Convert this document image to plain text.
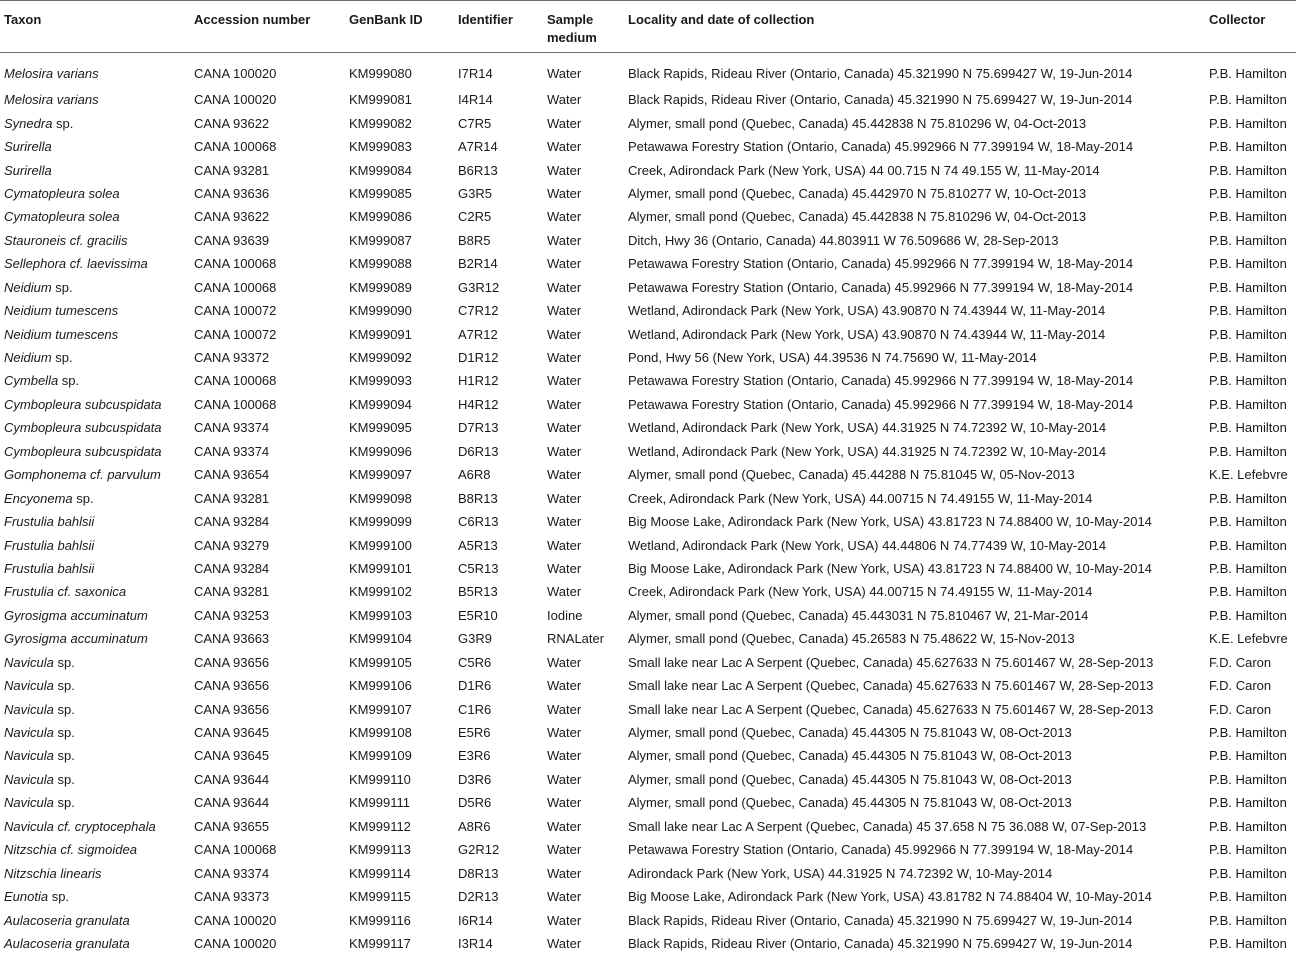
Taxon	Accession number	GenBank ID	Identifier	Sample medium	Locality and date of collection	Collector
Melosira varians	CANA 100020	KM999080	I7R14	Water	Black Rapids, Rideau River (Ontario, Canada) 45.321990 N 75.699427 W, 19-Jun-2014	P.B. Hamilton
Melosira varians	CANA 100020	KM999081	I4R14	Water	Black Rapids, Rideau River (Ontario, Canada) 45.321990 N 75.699427 W, 19-Jun-2014	P.B. Hamilton
Synedra sp.	CANA 93622	KM999082	C7R5	Water	Alymer, small pond (Quebec, Canada) 45.442838 N 75.810296 W, 04-Oct-2013	P.B. Hamilton
Surirella	CANA 100068	KM999083	A7R14	Water	Petawawa Forestry Station (Ontario, Canada) 45.992966 N 77.399194 W, 18-May-2014	P.B. Hamilton
Surirella	CANA 93281	KM999084	B6R13	Water	Creek, Adirondack Park (New York, USA) 44 00.715 N 74 49.155 W, 11-May-2014	P.B. Hamilton
Cymatopleura solea	CANA 93636	KM999085	G3R5	Water	Alymer, small pond (Quebec, Canada) 45.442970 N 75.810277 W, 10-Oct-2013	P.B. Hamilton
Cymatopleura solea	CANA 93622	KM999086	C2R5	Water	Alymer, small pond (Quebec, Canada) 45.442838 N 75.810296 W, 04-Oct-2013	P.B. Hamilton
Stauroneis cf. gracilis	CANA 93639	KM999087	B8R5	Water	Ditch, Hwy 36 (Ontario, Canada) 44.803911 W 76.509686 W, 28-Sep-2013	P.B. Hamilton
Sellephora cf. laevissima	CANA 100068	KM999088	B2R14	Water	Petawawa Forestry Station (Ontario, Canada) 45.992966 N 77.399194 W, 18-May-2014	P.B. Hamilton
Neidium sp.	CANA 100068	KM999089	G3R12	Water	Petawawa Forestry Station (Ontario, Canada) 45.992966 N 77.399194 W, 18-May-2014	P.B. Hamilton
Neidium tumescens	CANA 100072	KM999090	C7R12	Water	Wetland, Adirondack Park (New York, USA) 43.90870 N 74.43944 W, 11-May-2014	P.B. Hamilton
Neidium tumescens	CANA 100072	KM999091	A7R12	Water	Wetland, Adirondack Park (New York, USA) 43.90870 N 74.43944 W, 11-May-2014	P.B. Hamilton
Neidium sp.	CANA 93372	KM999092	D1R12	Water	Pond, Hwy 56 (New York, USA) 44.39536 N 74.75690 W, 11-May-2014	P.B. Hamilton
Cymbella sp.	CANA 100068	KM999093	H1R12	Water	Petawawa Forestry Station (Ontario, Canada) 45.992966 N 77.399194 W, 18-May-2014	P.B. Hamilton
Cymbopleura subcuspidata	CANA 100068	KM999094	H4R12	Water	Petawawa Forestry Station (Ontario, Canada) 45.992966 N 77.399194 W, 18-May-2014	P.B. Hamilton
Cymbopleura subcuspidata	CANA 93374	KM999095	D7R13	Water	Wetland, Adirondack Park (New York, USA) 44.31925 N 74.72392 W, 10-May-2014	P.B. Hamilton
Cymbopleura subcuspidata	CANA 93374	KM999096	D6R13	Water	Wetland, Adirondack Park (New York, USA) 44.31925 N 74.72392 W, 10-May-2014	P.B. Hamilton
Gomphonema cf. parvulum	CANA 93654	KM999097	A6R8	Water	Alymer, small pond (Quebec, Canada) 45.44288 N 75.81045 W, 05-Nov-2013	K.E. Lefebvre
Encyonema sp.	CANA 93281	KM999098	B8R13	Water	Creek, Adirondack Park (New York, USA) 44.00715 N 74.49155 W, 11-May-2014	P.B. Hamilton
Frustulia bahlsii	CANA 93284	KM999099	C6R13	Water	Big Moose Lake, Adirondack Park (New York, USA) 43.81723 N 74.88400 W, 10-May-2014	P.B. Hamilton
Frustulia bahlsii	CANA 93279	KM999100	A5R13	Water	Wetland, Adirondack Park (New York, USA) 44.44806 N 74.77439 W, 10-May-2014	P.B. Hamilton
Frustulia bahlsii	CANA 93284	KM999101	C5R13	Water	Big Moose Lake, Adirondack Park (New York, USA) 43.81723 N 74.88400 W, 10-May-2014	P.B. Hamilton
Frustulia cf. saxonica	CANA 93281	KM999102	B5R13	Water	Creek, Adirondack Park (New York, USA) 44.00715 N 74.49155 W, 11-May-2014	P.B. Hamilton
Gyrosigma accuminatum	CANA 93253	KM999103	E5R10	Iodine	Alymer, small pond (Quebec, Canada) 45.443031 N 75.810467 W, 21-Mar-2014	P.B. Hamilton
Gyrosigma accuminatum	CANA 93663	KM999104	G3R9	RNALater	Alymer, small pond (Quebec, Canada) 45.26583 N 75.48622 W, 15-Nov-2013	K.E. Lefebvre
Navicula sp.	CANA 93656	KM999105	C5R6	Water	Small lake near Lac A Serpent (Quebec, Canada) 45.627633 N 75.601467 W, 28-Sep-2013	F.D. Caron
Navicula sp.	CANA 93656	KM999106	D1R6	Water	Small lake near Lac A Serpent (Quebec, Canada) 45.627633 N 75.601467 W, 28-Sep-2013	F.D. Caron
Navicula sp.	CANA 93656	KM999107	C1R6	Water	Small lake near Lac A Serpent (Quebec, Canada) 45.627633 N 75.601467 W, 28-Sep-2013	F.D. Caron
Navicula sp.	CANA 93645	KM999108	E5R6	Water	Alymer, small pond (Quebec, Canada) 45.44305 N 75.81043 W, 08-Oct-2013	P.B. Hamilton
Navicula sp.	CANA 93645	KM999109	E3R6	Water	Alymer, small pond (Quebec, Canada) 45.44305 N 75.81043 W, 08-Oct-2013	P.B. Hamilton
Navicula sp.	CANA 93644	KM999110	D3R6	Water	Alymer, small pond (Quebec, Canada) 45.44305 N 75.81043 W, 08-Oct-2013	P.B. Hamilton
Navicula sp.	CANA 93644	KM999111	D5R6	Water	Alymer, small pond (Quebec, Canada) 45.44305 N 75.81043 W, 08-Oct-2013	P.B. Hamilton
Navicula cf. cryptocephala	CANA 93655	KM999112	A8R6	Water	Small lake near Lac A Serpent (Quebec, Canada) 45 37.658 N 75 36.088 W, 07-Sep-2013	P.B. Hamilton
Nitzschia cf. sigmoidea	CANA 100068	KM999113	G2R12	Water	Petawawa Forestry Station (Ontario, Canada) 45.992966 N 77.399194 W, 18-May-2014	P.B. Hamilton
Nitzschia linearis	CANA 93374	KM999114	D8R13	Water	Adirondack Park (New York, USA) 44.31925 N 74.72392 W, 10-May-2014	P.B. Hamilton
Eunotia sp.	CANA 93373	KM999115	D2R13	Water	Big Moose Lake, Adirondack Park (New York, USA) 43.81782 N 74.88404 W, 10-May-2014	P.B. Hamilton
Aulacoseria granulata	CANA 100020	KM999116	I6R14	Water	Black Rapids, Rideau River (Ontario, Canada) 45.321990 N 75.699427 W, 19-Jun-2014	P.B. Hamilton
Aulacoseria granulata	CANA 100020	KM999117	I3R14	Water	Black Rapids, Rideau River (Ontario, Canada) 45.321990 N 75.699427 W, 19-Jun-2014	P.B. Hamilton
